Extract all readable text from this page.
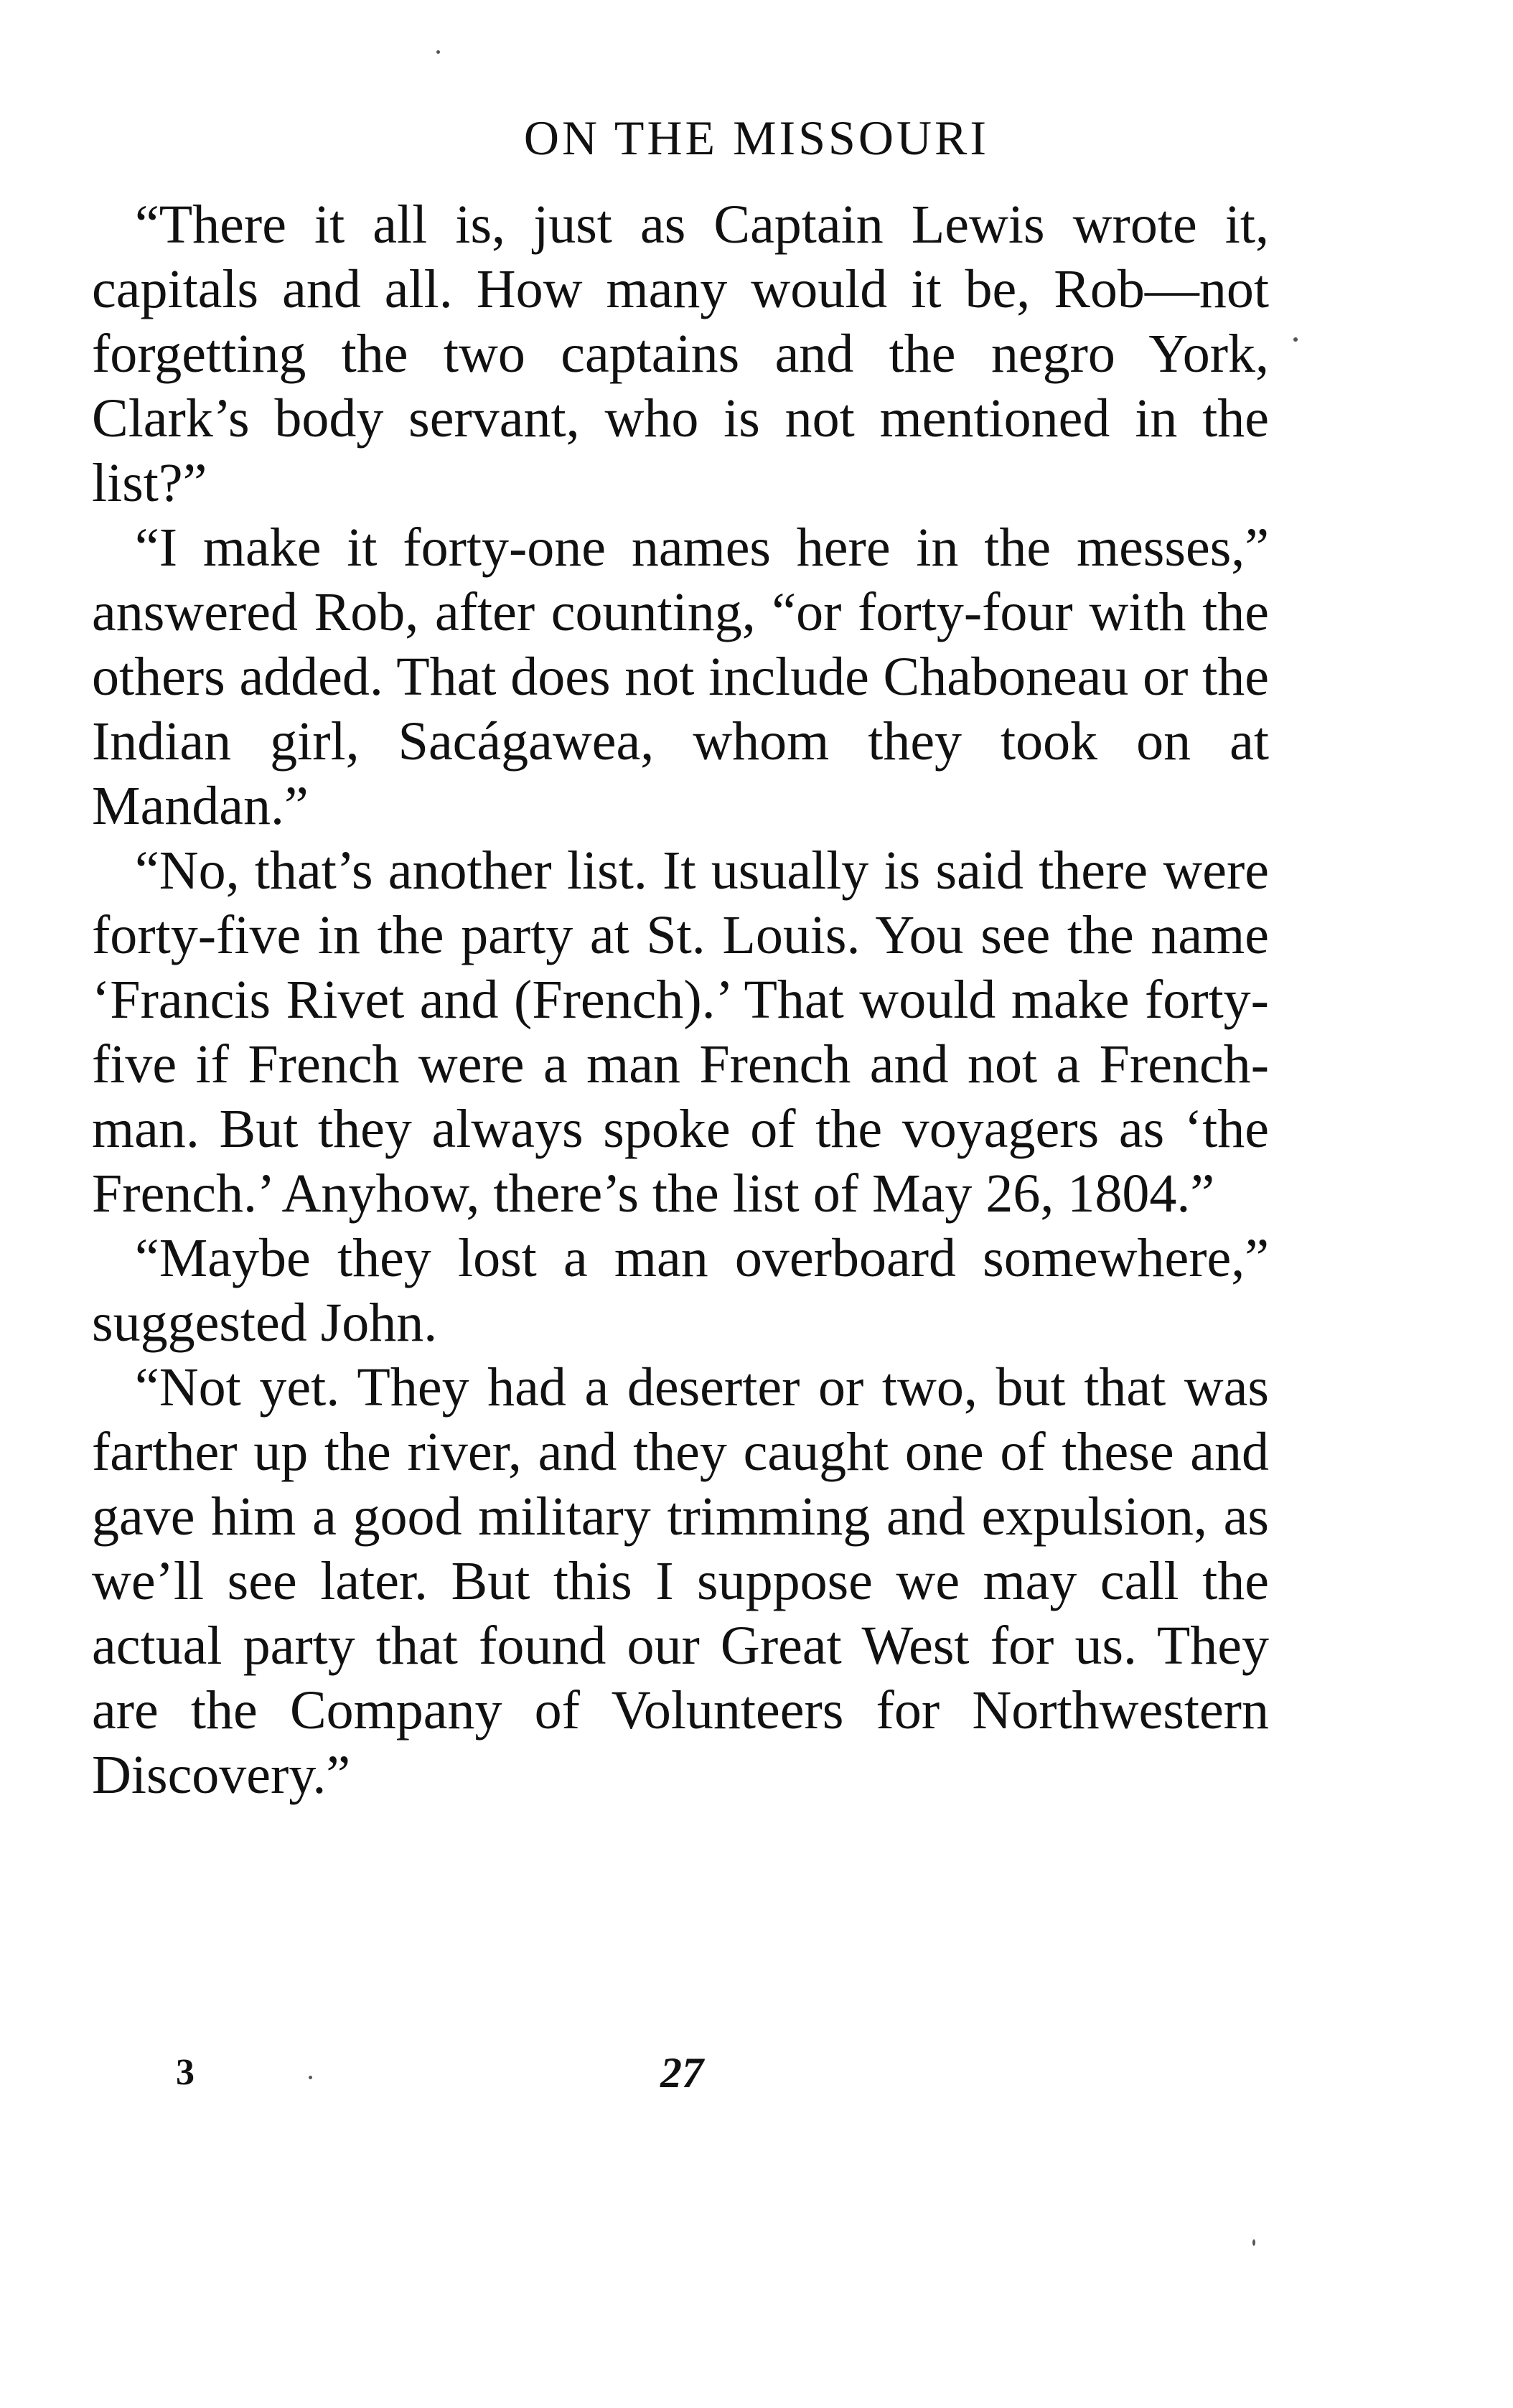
ON THE MISSOURI

“There it all is, just as Captain Lewis wrote it, capitals and all. How many would it be, Rob—not forgetting the two captains and the negro York, Clark’s body servant, who is not mentioned in the list?”

“I make it forty-one names here in the messes,” answered Rob, after counting, “or forty-four with the others added. That does not include Chaboneau or the Indian girl, Sacágawea, whom they took on at Mandan.”

“No, that’s another list. It usually is said there were forty-five in the party at St. Louis. You see the name ‘Francis Rivet and (French).’ That would make forty-five if French were a man French and not a Frenchman. But they always spoke of the voyagers as ‘the French.’ Anyhow, there’s the list of May 26, 1804.”

“Maybe they lost a man overboard somewhere,” suggested John.

“Not yet. They had a deserter or two, but that was farther up the river, and they caught one of these and gave him a good military trimming and expulsion, as we’ll see later. But this I suppose we may call the actual party that found our Great West for us. They are the Company of Volunteers for Northwestern Discovery.”

3	27
